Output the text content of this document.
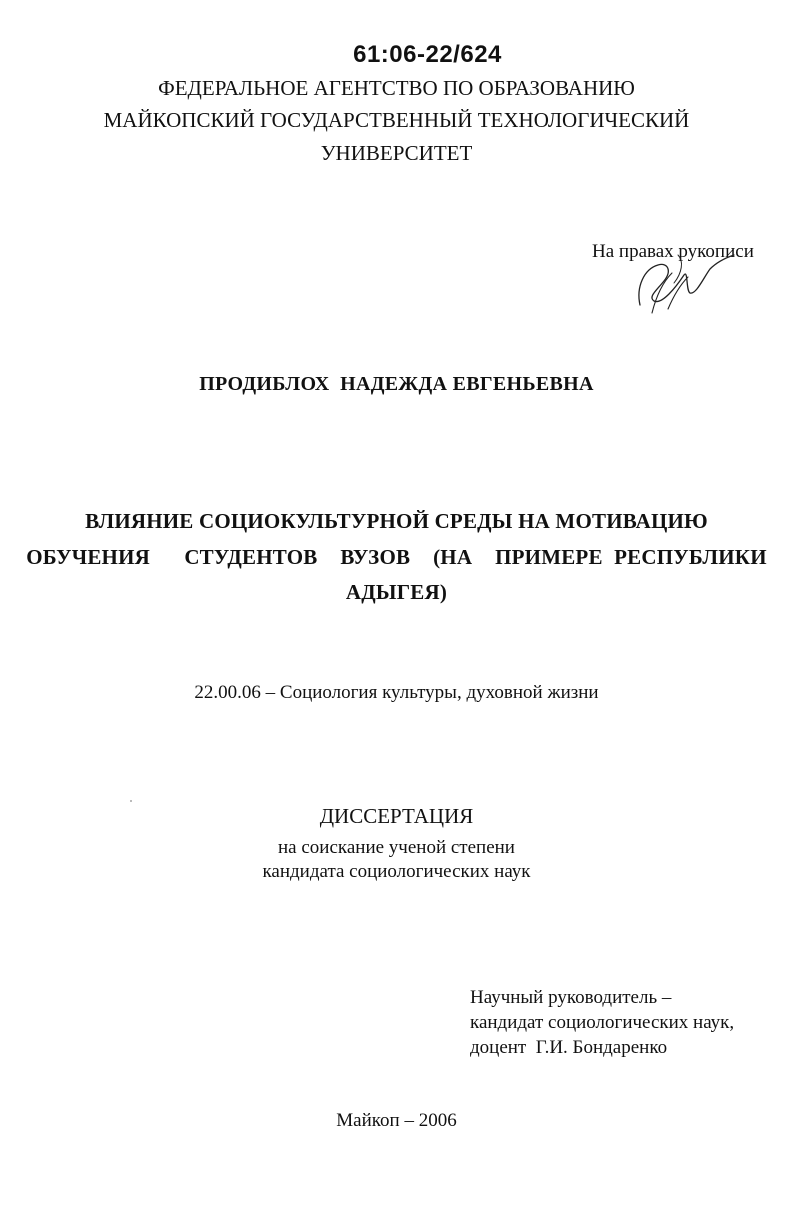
61:06-22/624
ФЕДЕРАЛЬНОЕ АГЕНТСТВО ПО ОБРАЗОВАНИЮ
МАЙКОПСКИЙ ГОСУДАРСТВЕННЫЙ ТЕХНОЛОГИЧЕСКИЙ
УНИВЕРСИТЕТ
На правах рукописи
ПРОДИБЛОХ  НАДЕЖДА ЕВГЕНЬЕВНА
ВЛИЯНИЕ СОЦИОКУЛЬТУРНОЙ СРЕДЫ НА МОТИВАЦИЮ
ОБУЧЕНИЯ   СТУДЕНТОВ  ВУЗОВ  (НА  ПРИМЕРЕ РЕСПУБЛИКИ
АДЫГЕЯ)
22.00.06 – Социология культуры, духовной жизни
ДИССЕРТАЦИЯ
на соискание ученой степени
кандидата социологических наук
Научный руководитель –
кандидат социологических наук,
доцент  Г.И. Бондаренко
Майкоп – 2006
